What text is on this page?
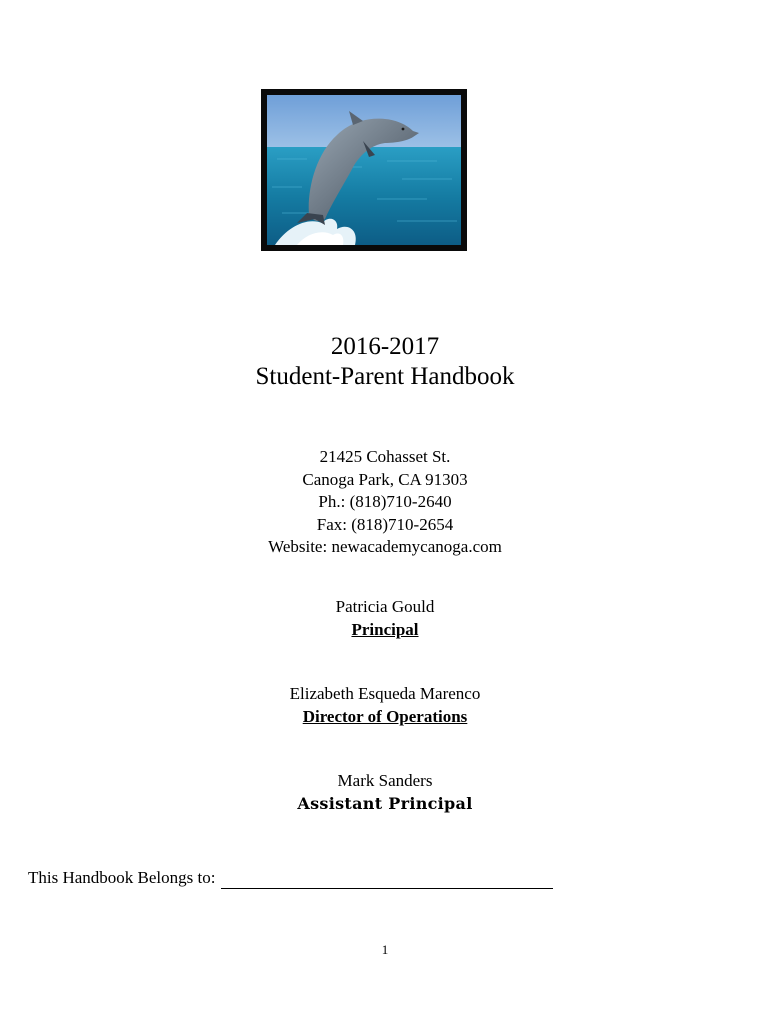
2016-2017
Student-Parent Handbook
21425 Cohasset St.
Canoga Park, CA 91303
Ph.: (818)710-2640
Fax: (818)710-2654
Website: newacademycanoga.com
Patricia Gould
Principal
Elizabeth Esqueda Marenco
Director of Operations
Mark Sanders
Assistant Principal
This Handbook Belongs to:
1
